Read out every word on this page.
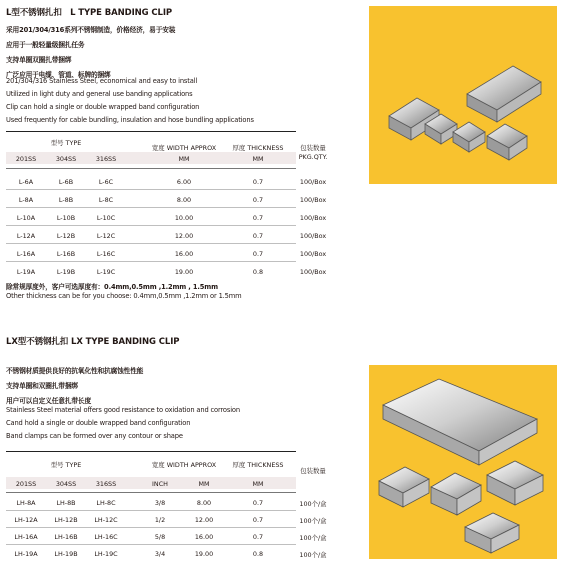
L型不锈钢扎扣　L TYPE BANDING CLIP
采用201/304/316系列不锈钢制造，价格经济，易于安装
应用于一般轻量级捆扎任务
支持单圈双圈扎带捆绑
广泛应用于电缆、管道、标牌的捆绑
201/304/316 Stainless Steel, economical and easy to install
Utilized in light duty and general use banding applications
Clip can hold a single or double wrapped band configuration
Used frequently for cable bundling, insulation and hose bundling applications
型号 TYPE
201SS	304SS	316SS
宽度 WIDTH APPROX
MM
厚度 THICKNESS
MM
包装数量
PKG.QTY.
L-6A	L-6B	L-6C	6.00	0.7	100/Box
L-8A	L-8B	L-8C	8.00	0.7	100/Box
L-10A	L-10B	L-10C	10.00	0.7	100/Box
L-12A	L-12B	L-12C	12.00	0.7	100/Box
L-16A	L-16B	L-16C	16.00	0.7	100/Box
L-19A	L-19B	L-19C	19.00	0.8	100/Box
除常规厚度外，客户可选厚度有：0.4mm,0.5mm ,1.2mm , 1.5mm
Other thickness can be for you choose: 0.4mm,0.5mm ,1.2mm or 1.5mm
LX型不锈钢扎扣 LX TYPE BANDING CLIP
不锈钢材质提供良好的抗氧化性和抗腐蚀性性能
支持单圈和双圈扎带捆绑
用户可以自定义任意扎带长度
Stainless Steel material offers good resistance to oxidation and corrosion
Cand hold a single or double wrapped band configuration
Band clamps can be formed over any contour or shape
型号 TYPE
201SS	304SS	316SS
宽度 WIDTH APPROX
INCH	MM
厚度 THICKNESS
MM
包装数量
LH-8A	LH-8B	LH-8C	3/8	8.00	0.7	100个/盒
LH-12A	LH-12B	LH-12C	1/2	12.00	0.7	100个/盒
LH-16A	LH-16B	LH-16C	5/8	16.00	0.7	100个/盒
LH-19A	LH-19B	LH-19C	3/4	19.00	0.8	100个/盒
